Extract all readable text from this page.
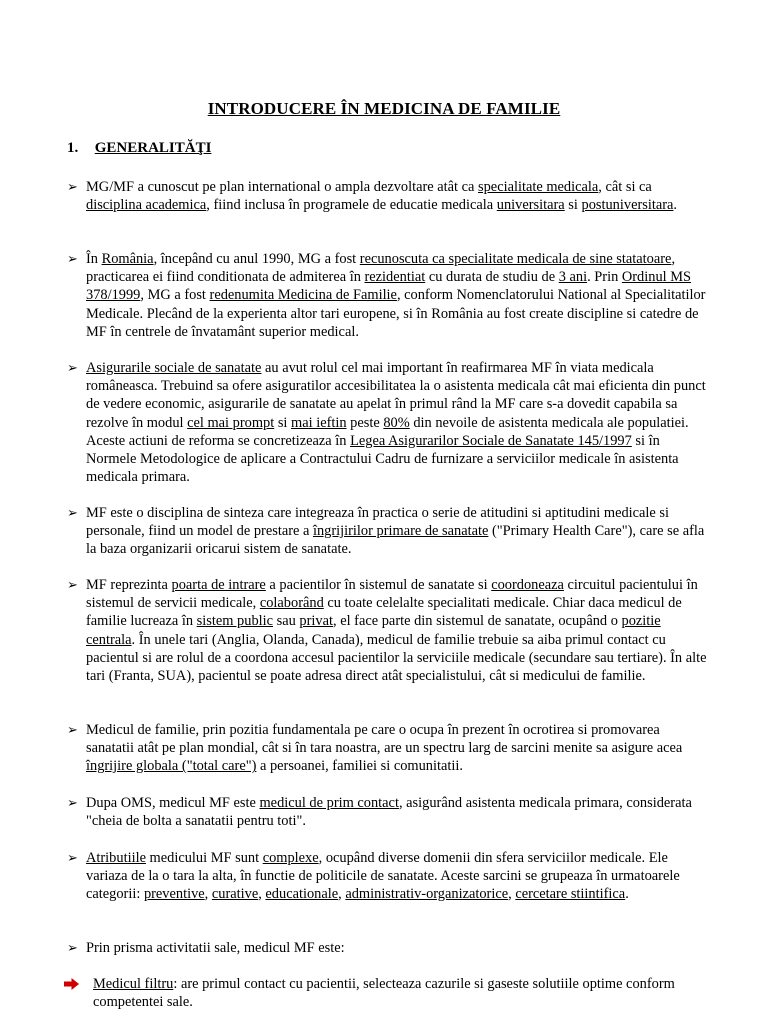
INTRODUCERE ÎN MEDICINA DE FAMILIE
1. GENERALITĂŢI
➢ MG/MF a cunoscut pe plan international o ampla dezvoltare atât ca specialitate medicala, cât si ca disciplina academica, fiind inclusa în programele de educatie medicala universitara si postuniversitara.
➢ În România, începând cu anul 1990, MG a fost recunoscuta ca specialitate medicala de sine statatoare, practicarea ei fiind conditionata de admiterea în rezidentiat cu durata de studiu de 3 ani. Prin Ordinul MS 378/1999, MG a fost redenumita Medicina de Familie, conform Nomenclatorului National al Specialitatilor Medicale. Plecând de la experienta altor tari europene, si în România au fost create discipline si catedre de MF în centrele de învatamânt superior medical.
➢ Asigurarile sociale de sanatate au avut rolul cel mai important în reafirmarea MF în viata medicala româneasca. Trebuind sa ofere asiguratilor accesibilitatea la o asistenta medicala cât mai eficienta din punct de vedere economic, asigurarile de sanatate au apelat în primul rând la MF care s-a dovedit capabila sa rezolve în modul cel mai prompt si mai ieftin peste 80% din nevoile de asistenta medicala ale populatiei. Aceste actiuni de reforma se concretizeaza în Legea Asigurarilor Sociale de Sanatate 145/1997 si în Normele Metodologice de aplicare a Contractului Cadru de furnizare a serviciilor medicale în asistenta medicala primara.
➢ MF este o disciplina de sinteza care integreaza în practica o serie de atitudini si aptitudini medicale si personale, fiind un model de prestare a îngrijirilor primare de sanatate ("Primary Health Care"), care se afla la baza organizarii oricarui sistem de sanatate.
➢ MF reprezinta poarta de intrare a pacientilor în sistemul de sanatate si coordoneaza circuitul pacientului în sistemul de servicii medicale, colaborând cu toate celelalte specialitati medicale. Chiar daca medicul de familie lucreaza în sistem public sau privat, el face parte din sistemul de sanatate, ocupând o pozitie centrala. În unele tari (Anglia, Olanda, Canada), medicul de familie trebuie sa aiba primul contact cu pacientul si are rolul de a coordona accesul pacientilor la serviciile medicale (secundare sau tertiare). În alte tari (Franta, SUA), pacientul se poate adresa direct atât specialistului, cât si medicului de familie.
➢ Medicul de familie, prin pozitia fundamentala pe care o ocupa în prezent în ocrotirea si promovarea sanatatii atât pe plan mondial, cât si în tara noastra, are un spectru larg de sarcini menite sa asigure acea îngrijire globala ("total care") a persoanei, familiei si comunitatii.
➢ Dupa OMS, medicul MF este medicul de prim contact, asigurând asistenta medicala primara, considerata "cheia de bolta a sanatatii pentru toti".
➢ Atributiile medicului MF sunt complexe, ocupând diverse domenii din sfera serviciilor medicale. Ele variaza de la o tara la alta, în functie de politicile de sanatate. Aceste sarcini se grupeaza în urmatoarele categorii: preventive, curative, educationale, administrativ-organizatorice, cercetare stiintifica.
➢ Prin prisma activitatii sale, medicul MF este:
Medicul filtru: are primul contact cu pacientii, selecteaza cazurile si gaseste solutiile optime conform competentei sale.
